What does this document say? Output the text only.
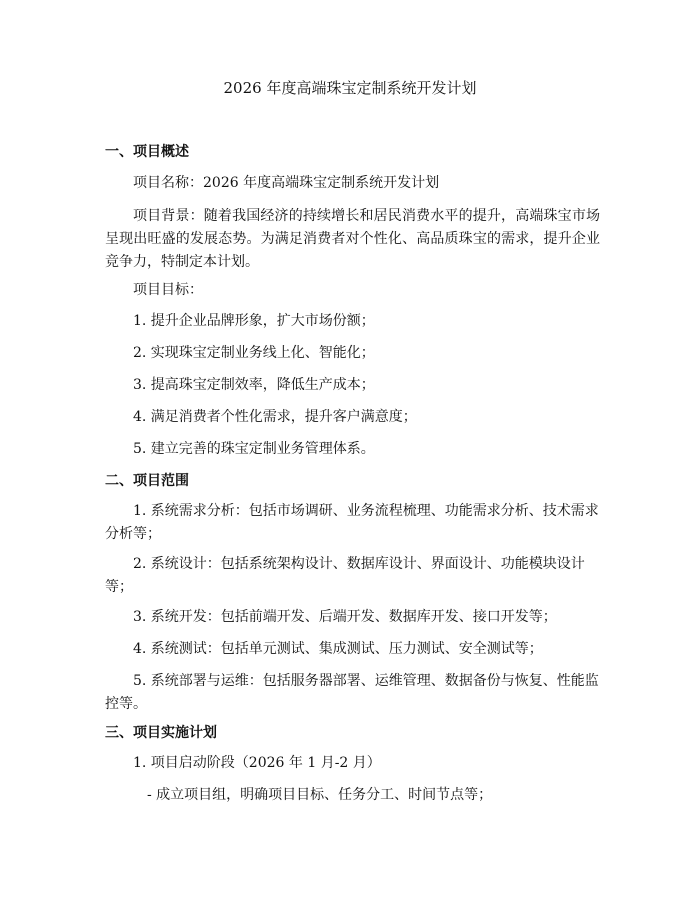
2026 年度高端珠宝定制系统开发计划
一、项目概述

项目名称：2026 年度高端珠宝定制系统开发计划

项目背景：随着我国经济的持续增长和居民消费水平的提升，高端珠宝市场呈现出旺盛的发展态势。为满足消费者对个性化、高品质珠宝的需求，提升企业竞争力，特制定本计划。

项目目标：

1. 提升企业品牌形象，扩大市场份额；

2. 实现珠宝定制业务线上化、智能化；

3. 提高珠宝定制效率，降低生产成本；

4. 满足消费者个性化需求，提升客户满意度；

5. 建立完善的珠宝定制业务管理体系。

二、项目范围

1. 系统需求分析：包括市场调研、业务流程梳理、功能需求分析、技术需求分析等；

2. 系统设计：包括系统架构设计、数据库设计、界面设计、功能模块设计等；

3. 系统开发：包括前端开发、后端开发、数据库开发、接口开发等；

4. 系统测试：包括单元测试、集成测试、压力测试、安全测试等；

5. 系统部署与运维：包括服务器部署、运维管理、数据备份与恢复、性能监控等。

三、项目实施计划

1. 项目启动阶段（2026 年 1 月-2 月）

- 成立项目组，明确项目目标、任务分工、时间节点等；
